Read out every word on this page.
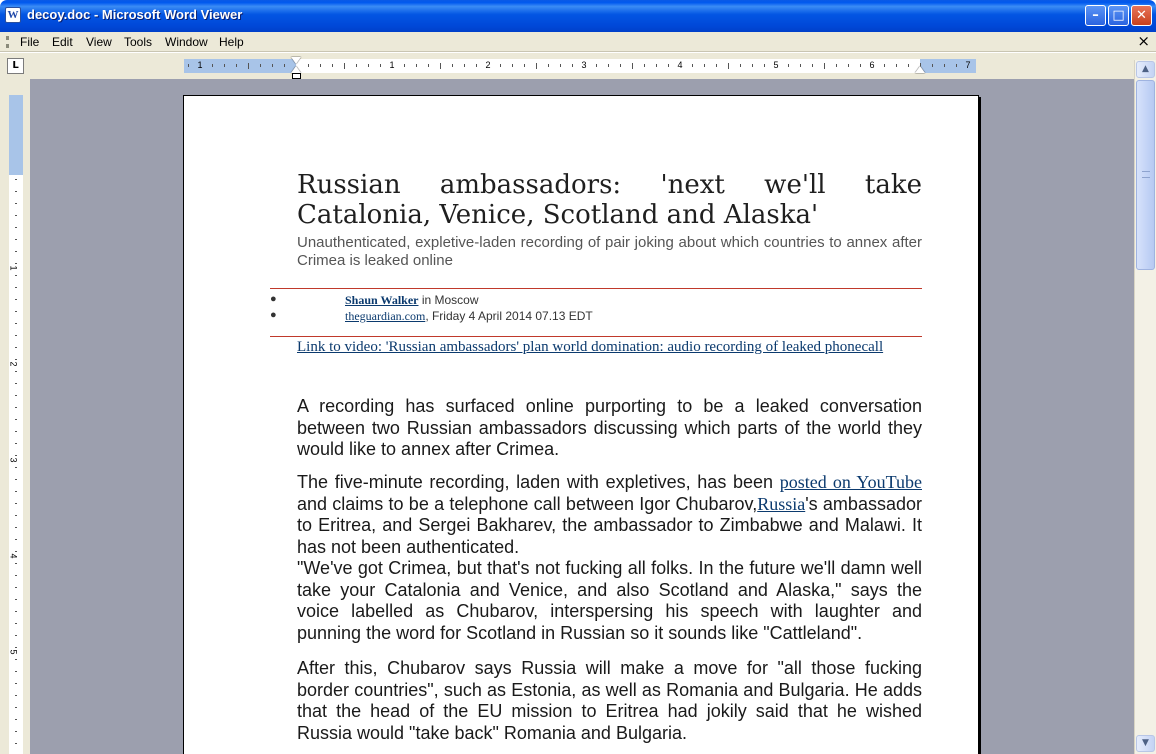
W decoy.doc - Microsoft Word Viewer	–	□ ✕
File Edit View Tools Window Help	×
L	1	1	2	3	4	5	6	7
1
2
3
4
5
Russian ambassadors: 'next we'll take Catalonia, Venice, Scotland and Alaska'
Unauthenticated, expletive-laden recording of pair joking about which countries to annex after Crimea is leaked online
●	Shaun Walker in Moscow
●	theguardian.com, Friday 4 April 2014 07.13 EDT
Link to video: 'Russian ambassadors' plan world domination: audio recording of leaked phonecall
A recording has surfaced online purporting to be a leaked conversation between two Russian ambassadors discussing which parts of the world they would like to annex after Crimea.
The five-minute recording, laden with expletives, has been posted on YouTube and claims to be a telephone call between Igor Chubarov,Russia's ambassador to Eritrea, and Sergei Bakharev, the ambassador to Zimbabwe and Malawi. It has not been authenticated.
"We've got Crimea, but that's not fucking all folks. In the future we'll damn well take your Catalonia and Venice, and also Scotland and Alaska," says the voice labelled as Chubarov, interspersing his speech with laughter and punning the word for Scotland in Russian so it sounds like "Cattleland".
After this, Chubarov says Russia will make a move for "all those fucking border countries", such as Estonia, as well as Romania and Bulgaria. He adds that the head of the EU mission to Eritrea had jokily said that he wished Russia would "take back" Romania and Bulgaria.
▲
▼
